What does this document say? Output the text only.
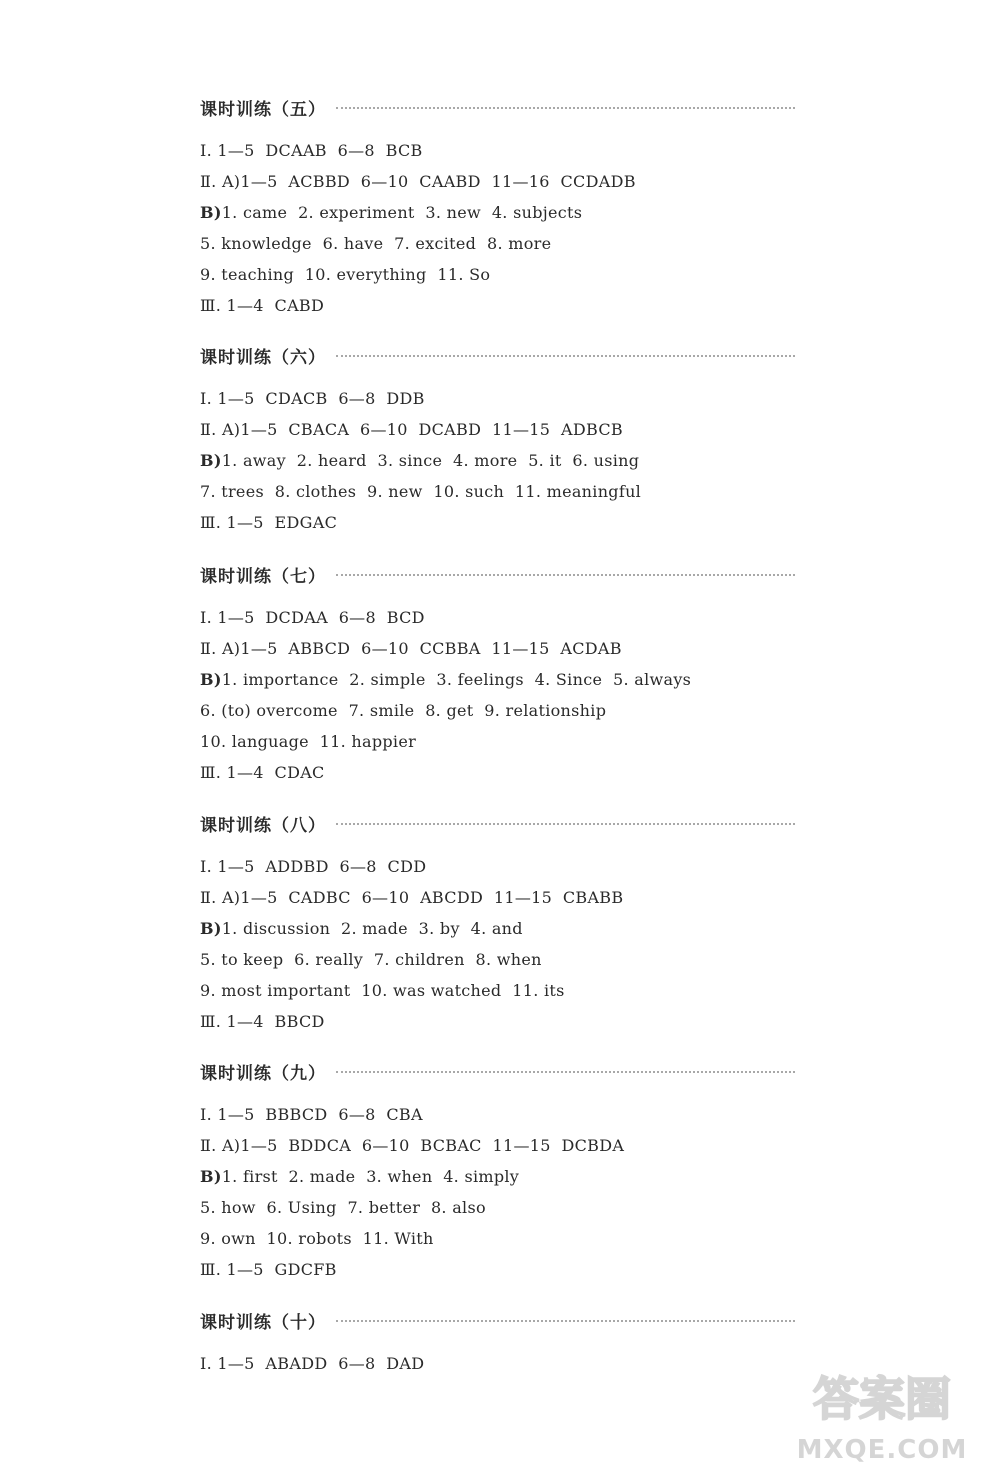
课时训练（五）
Ⅰ. 1—5  DCAAB  6—8  BCB
Ⅱ. A)1—5  ACBBD  6—10  CAABD  11—16  CCDADB
B)1. came  2. experiment  3. new  4. subjects
5. knowledge  6. have  7. excited  8. more
9. teaching  10. everything  11. So
Ⅲ. 1—4  CABD
课时训练（六）
Ⅰ. 1—5  CDACB  6—8  DDB
Ⅱ. A)1—5  CBACA  6—10  DCABD  11—15  ADBCB
B)1. away  2. heard  3. since  4. more  5. it  6. using
7. trees  8. clothes  9. new  10. such  11. meaningful
Ⅲ. 1—5  EDGAC
课时训练（七）
Ⅰ. 1—5  DCDAA  6—8  BCD
Ⅱ. A)1—5  ABBCD  6—10  CCBBA  11—15  ACDAB
B)1. importance  2. simple  3. feelings  4. Since  5. always
6. (to) overcome  7. smile  8. get  9. relationship
10. language  11. happier
Ⅲ. 1—4  CDAC
课时训练（八）
Ⅰ. 1—5  ADDBD  6—8  CDD
Ⅱ. A)1—5  CADBC  6—10  ABCDD  11—15  CBABB
B)1. discussion  2. made  3. by  4. and
5. to keep  6. really  7. children  8. when
9. most important  10. was watched  11. its
Ⅲ. 1—4  BBCD
课时训练（九）
Ⅰ. 1—5  BBBCD  6—8  CBA
Ⅱ. A)1—5  BDDCA  6—10  BCBAC  11—15  DCBDA
B)1. first  2. made  3. when  4. simply
5. how  6. Using  7. better  8. also
9. own  10. robots  11. With
Ⅲ. 1—5  GDCFB
课时训练（十）
Ⅰ. 1—5  ABADD  6—8  DAD
答案圈
MXQE.COM
